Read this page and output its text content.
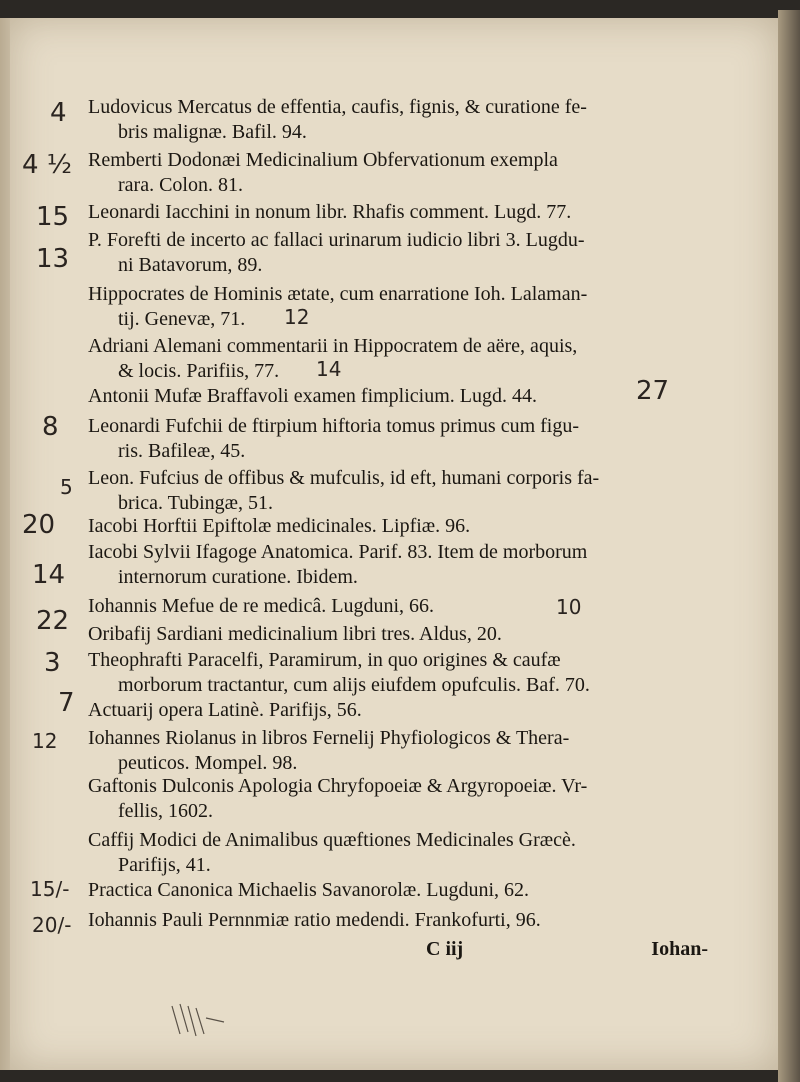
Ludovicus Mercatus de effentia, caufis, fignis, & curatione fe-
bris malignæ. Bafil. 94.
Remberti Dodonæi Medicinalium Obfervationum exempla
rara. Colon. 81.
Leonardi Iacchini in nonum libr. Rhafis comment. Lugd. 77.
P. Forefti de incerto ac fallaci urinarum iudicio libri 3. Lugdu-
ni Batavorum, 89.
Hippocrates de Hominis ætate, cum enarratione Ioh. Lalaman-
tij. Genevæ, 71.
Adriani Alemani commentarii in Hippocratem de aëre, aquis,
& locis. Parifiis, 77.
Antonii Mufæ Braffavoli examen fimplicium. Lugd. 44.
Leonardi Fufchii de ftirpium hiftoria tomus primus cum figu-
ris. Bafileæ, 45.
Leon. Fufcius de offibus & mufculis, id eft, humani corporis fa-
brica. Tubingæ, 51.
Iacobi Horftii Epiftolæ medicinales. Lipfiæ. 96.
Iacobi Sylvii Ifagoge Anatomica. Parif. 83. Item de morborum
internorum curatione. Ibidem.
Iohannis Mefue de re medicâ. Lugduni, 66.
Oribafij Sardiani medicinalium libri tres. Aldus, 20.
Theophrafti Paracelfi, Paramirum, in quo origines & caufæ
morborum tractantur, cum alijs eiufdem opufculis. Baf. 70.
Actuarij opera Latinè. Parifijs, 56.
Iohannes Riolanus in libros Fernelij Phyfiologicos & Thera-
peuticos. Mompel. 98.
Gaftonis Dulconis Apologia Chryfopoeiæ & Argyropoeiæ. Vr-
fellis, 1602.
Caffij Modici de Animalibus quæftiones Medicinales Græcè.
Parifijs, 41.
Practica Canonica Michaelis Savanorolæ. Lugduni, 62.
Iohannis Pauli Pernnmiæ ratio medendi. Frankofurti, 96.
4
4 ½
15
13
8
5
20
14
22
3
7
12
15/-
20/-
12
14
27
10
C iij	Iohan-
